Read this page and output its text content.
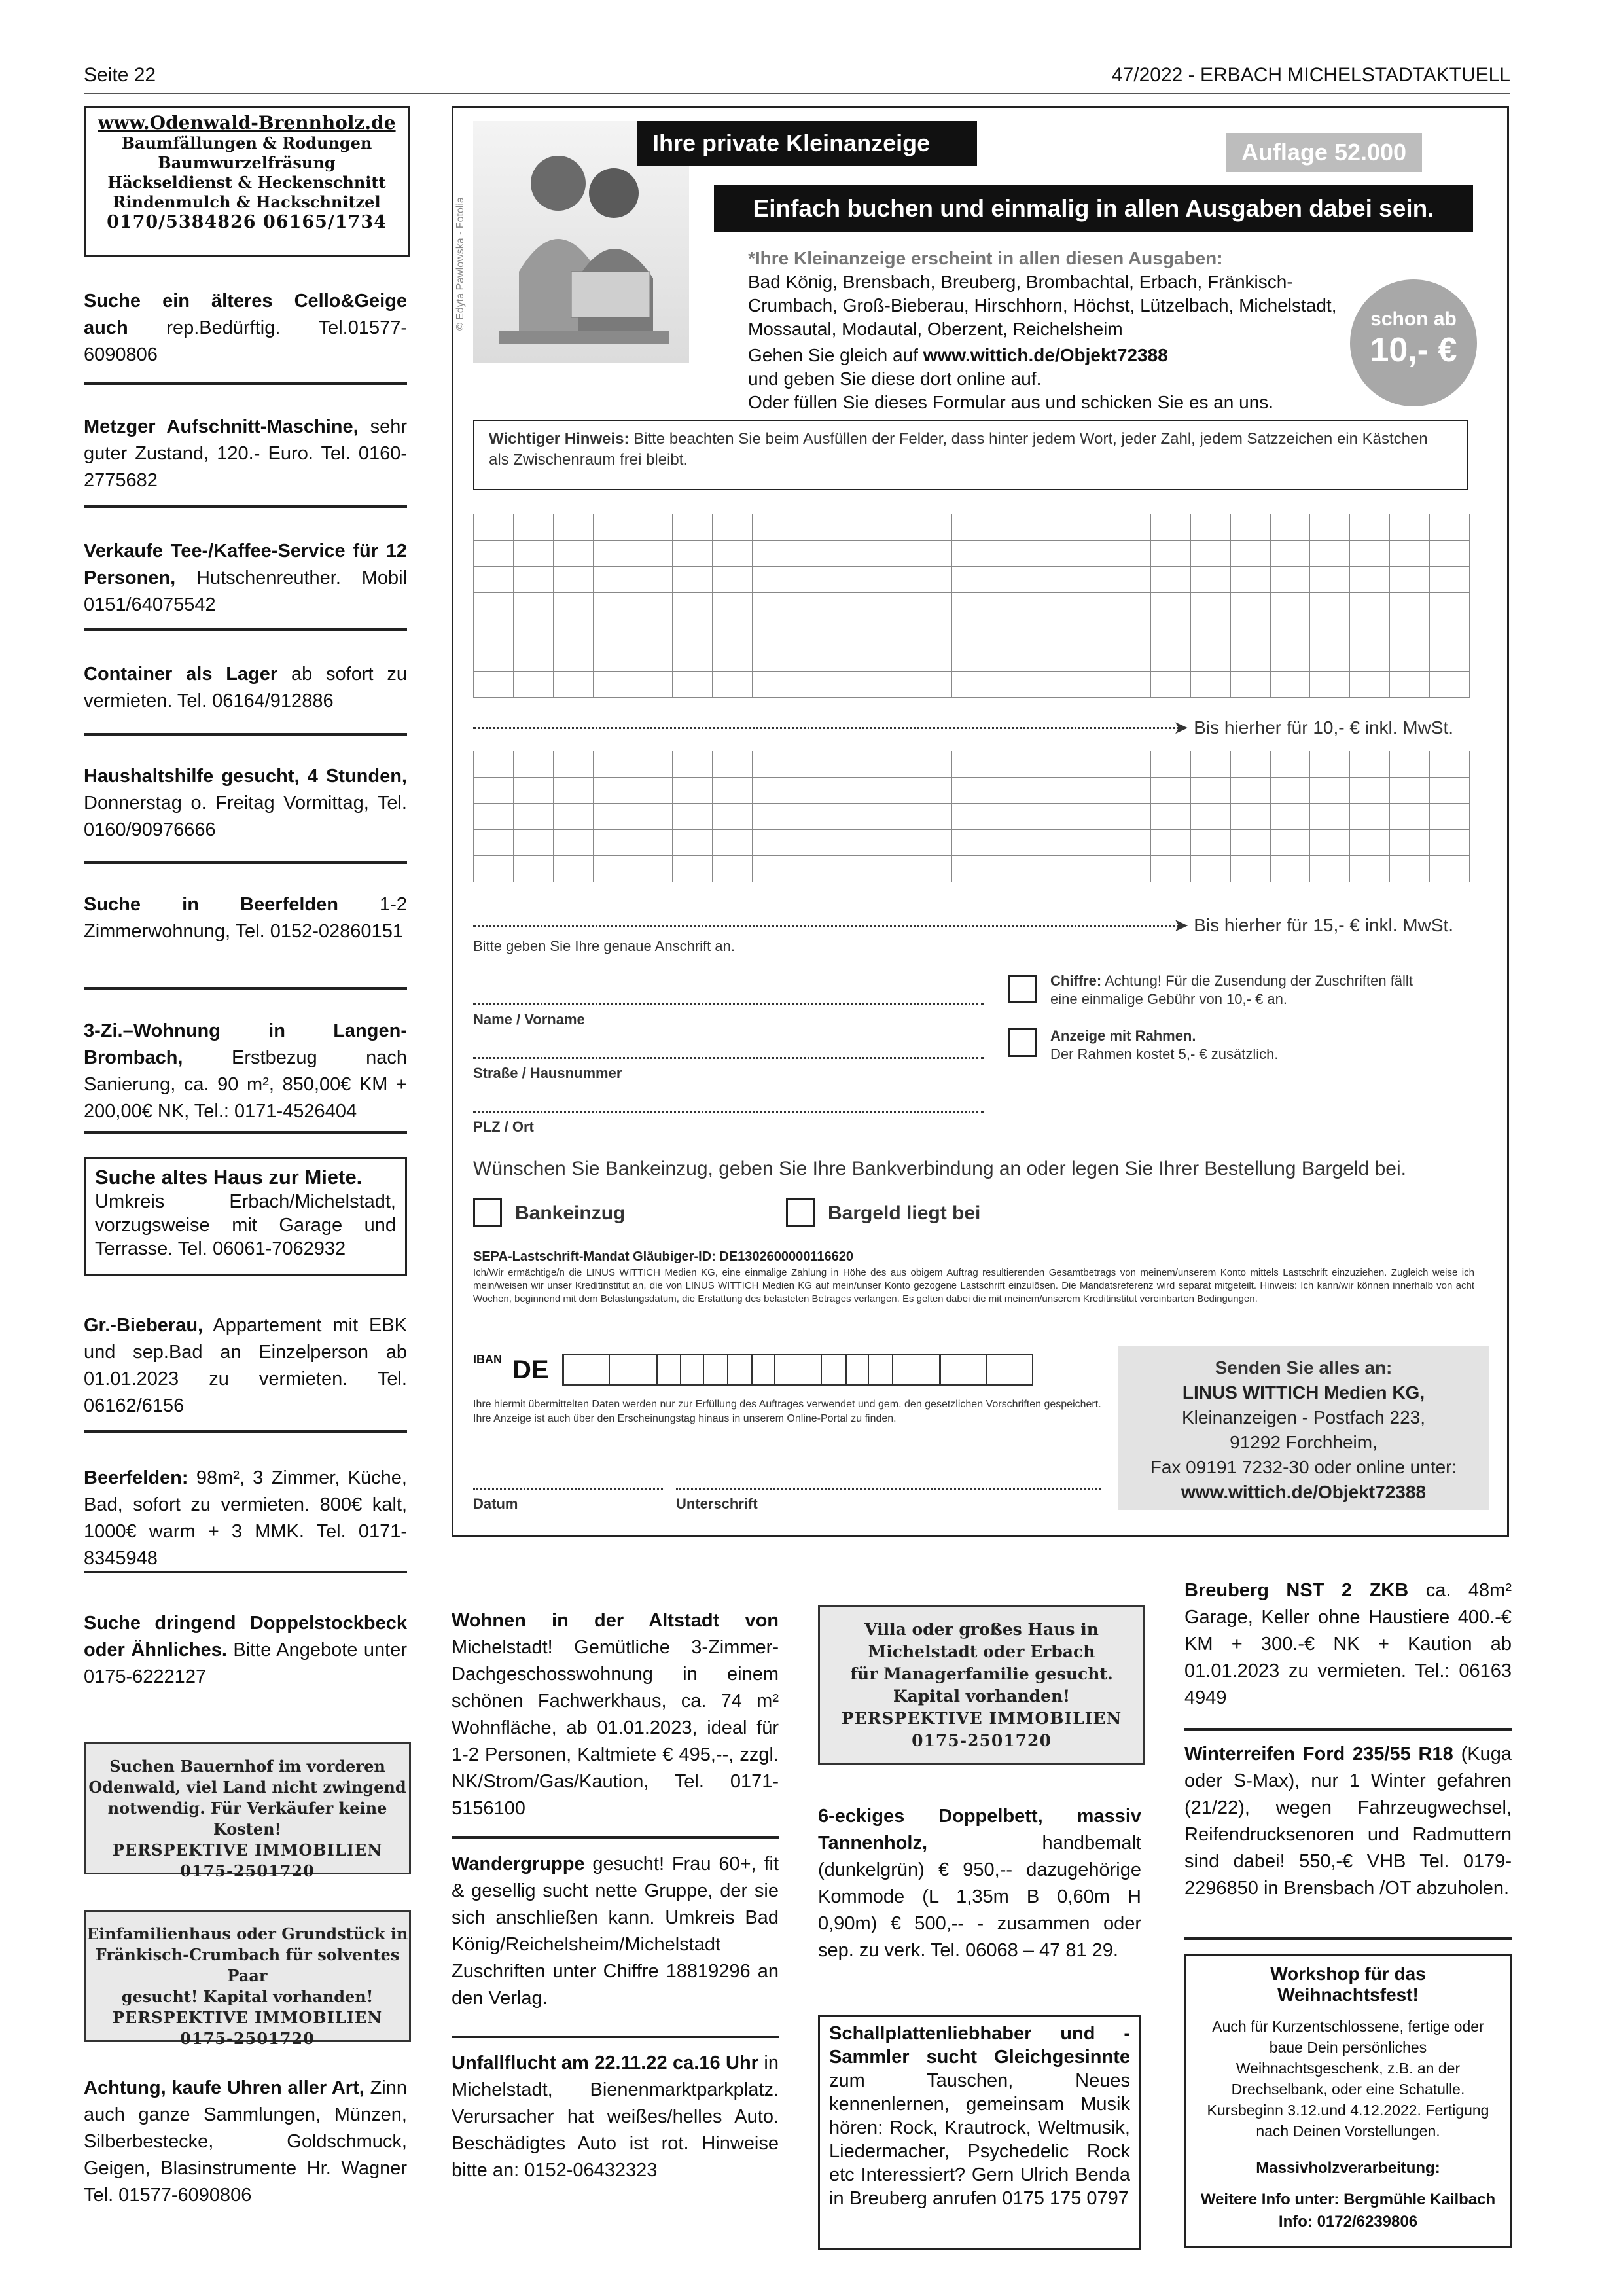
Seite 22	47/2022 - ERBACH MICHELSTADTAKTUELL
www.Odenwald-Brennholz.de
Baumfällungen & Rodungen
Baumwurzelfräsung
Häckseldienst & Heckenschnitt
Rindenmulch & Hackschnitzel
0170/5384826 06165/1734
Suche ein älteres Cello&Geige auch rep.Bedürftig. Tel.01577-6090806
Metzger Aufschnitt-Maschine, sehr guter Zustand, 120.- Euro. Tel. 0160-2775682
Verkaufe Tee-/Kaffee-Service für 12 Personen, Hutschenreuther. Mobil 0151/64075542
Container als Lager ab sofort zu vermieten. Tel. 06164/912886
Haushaltshilfe gesucht, 4 Stunden, Donnerstag o. Freitag Vormittag, Tel. 0160/90976666
Suche in Beerfelden 1-2 Zimmerwohnung, Tel. 0152-02860151
3-Zi.–Wohnung in Langen-Brombach, Erstbezug nach Sanierung, ca. 90 m², 850,00€ KM + 200,00€ NK, Tel.: 0171-4526404
Suche altes Haus zur Miete.
Umkreis Erbach/Michelstadt, vorzugsweise mit Garage und Terrasse. Tel. 06061-7062932
Gr.-Bieberau, Appartement mit EBK und sep.Bad an Einzelperson ab 01.01.2023 zu vermieten. Tel. 06162/6156
Beerfelden: 98m², 3 Zimmer, Küche, Bad, sofort zu vermieten. 800€ kalt, 1000€ warm + 3 MMK. Tel. 0171-8345948
Suche dringend Doppelstockbeck oder Ähnliches. Bitte Angebote unter 0175-6222127
Suchen Bauernhof im vorderen
Odenwald, viel Land nicht zwingend
notwendig. Für Verkäufer keine Kosten!
PERSPEKTIVE IMMOBILIEN
0175-2501720
Einfamilienhaus oder Grundstück in
Fränkisch-Crumbach für solventes Paar
gesucht! Kapital vorhanden!
PERSPEKTIVE IMMOBILIEN
0175-2501720
Villa oder großes Haus in
Michelstadt oder Erbach
für Managerfamilie gesucht.
Kapital vorhanden!
PERSPEKTIVE IMMOBILIEN
0175-2501720
Achtung, kaufe Uhren aller Art, Zinn auch ganze Sammlungen, Münzen, Silberbestecke, Goldschmuck, Geigen, Blasinstrumente Hr. Wagner Tel. 01577-6090806
Wohnen in der Altstadt von Michelstadt! Gemütliche 3-Zimmer-Dachgeschosswohnung in einem schönen Fachwerkhaus, ca. 74 m² Wohnfläche, ab 01.01.2023, ideal für 1-2 Personen, Kaltmiete € 495,--, zzgl. NK/Strom/Gas/Kaution, Tel. 0171-5156100
Wandergruppe gesucht! Frau 60+, fit & gesellig sucht nette Gruppe, der sie sich anschließen kann. Umkreis Bad König/Reichelsheim/Michelstadt Zuschriften unter Chiffre 18819296 an den Verlag.
Unfallflucht am 22.11.22 ca.16 Uhr in Michelstadt, Bienenmarktparkplatz. Verursacher hat weißes/helles Auto. Beschädigtes Auto ist rot. Hinweise bitte an: 0152-06432323
6-eckiges Doppelbett, massiv Tannenholz,	handbemalt (dunkelgrün) € 950,-- dazugehörige Kommode (L 1,35m B 0,60m H 0,90m) € 500,-- - zusammen oder sep. zu verk. Tel. 06068 – 47 81 29.
Schallplattenliebhaber und - Sammler sucht Gleichgesinnte zum Tauschen, Neues kennenlernen, gemeinsam Musik hören: Rock, Krautrock, Weltmusik, Liedermacher, Psychedelic Rock etc Interessiert? Gern Ulrich Benda in Breuberg anrufen 0175 175 0797
Breuberg NST 2 ZKB ca. 48m² Garage, Keller ohne Haustiere 400.-€ KM + 300.-€ NK + Kaution ab 01.01.2023 zu vermieten. Tel.: 06163 4949
Winterreifen Ford 235/55 R18 (Kuga oder S-Max), nur 1 Winter gefahren (21/22), wegen Fahrzeugwechsel, Reifendrucksenoren und Radmuttern sind dabei! 550,-€ VHB Tel. 0179-2296850 in Brensbach /OT abzuholen.
Workshop für das Weihnachtsfest!
Auch für Kurzentschlossene, fertige oder baue Dein persönliches Weihnachtsgeschenk, z.B. an der Drechselbank, oder eine Schatulle. Kursbeginn 3.12.und 4.12.2022. Fertigung nach Deinen Vorstellungen.
Massivholzverarbeitung:
Weitere Info unter: Bergmühle Kailbach
Info: 0172/6239806
© Edyta Pawlowska - Fotolia
Ihre private Kleinanzeige	Auflage 52.000
Einfach buchen und einmalig in allen Ausgaben dabei sein.
*Ihre Kleinanzeige erscheint in allen diesen Ausgaben:
Bad König, Brensbach, Breuberg, Brombachtal, Erbach, Fränkisch-Crumbach, Groß-Bieberau, Hirschhorn, Höchst, Lützelbach, Michelstadt, Mossautal, Modautal, Oberzent, Reichelsheim
Gehen Sie gleich auf www.wittich.de/Objekt72388
und geben Sie diese dort online auf.
Oder füllen Sie dieses Formular aus und schicken Sie es an uns.
schon ab
10,- €
Wichtiger Hinweis: Bitte beachten Sie beim Ausfüllen der Felder, dass hinter jedem Wort, jeder Zahl, jedem Satzzeichen ein Kästchen als Zwischenraum frei bleibt.
➤ Bis hierher für 10,- € inkl. MwSt.
➤ Bis hierher für 15,- € inkl. MwSt.
Bitte geben Sie Ihre genaue Anschrift an.
Name / Vorname
Straße / Hausnummer
PLZ / Ort
Chiffre: Achtung! Für die Zusendung der Zuschriften fällt eine einmalige Gebühr von 10,- € an.
Anzeige mit Rahmen.
Der Rahmen kostet 5,- € zusätzlich.
Wünschen Sie Bankeinzug, geben Sie Ihre Bankverbindung an oder legen Sie Ihrer Bestellung Bargeld bei.
Bankeinzug	Bargeld liegt bei
SEPA-Lastschrift-Mandat Gläubiger-ID: DE1302600000116620
Ich/Wir ermächtige/n die LINUS WITTICH Medien KG, eine einmalige Zahlung in Höhe des aus obigem Auftrag resultierenden Gesamtbetrags von meinem/unserem Konto mittels Lastschrift einzuziehen. Zugleich weise ich mein/weisen wir unser Kreditinstitut an, die von LINUS WITTICH Medien KG auf mein/unser Konto gezogene Lastschrift einzulösen. Die Mandatsreferenz wird separat mitgeteilt. Hinweis: Ich kann/wir können innerhalb von acht Wochen, beginnend mit dem Belastungsdatum, die Erstattung des belasteten Betrages verlangen. Es gelten dabei die mit meinem/unserem Kreditinstitut vereinbarten Bedingungen.
IBAN DE
Ihre hiermit übermittelten Daten werden nur zur Erfüllung des Auftrages verwendet und gem. den gesetzlichen Vorschriften gespeichert. Ihre Anzeige ist auch über den Erscheinungstag hinaus in unserem Online-Portal zu finden.
Datum	Unterschrift
Senden Sie alles an:
LINUS WITTICH Medien KG,
Kleinanzeigen - Postfach 223,
91292 Forchheim,
Fax 09191 7232-30 oder online unter:
www.wittich.de/Objekt72388
